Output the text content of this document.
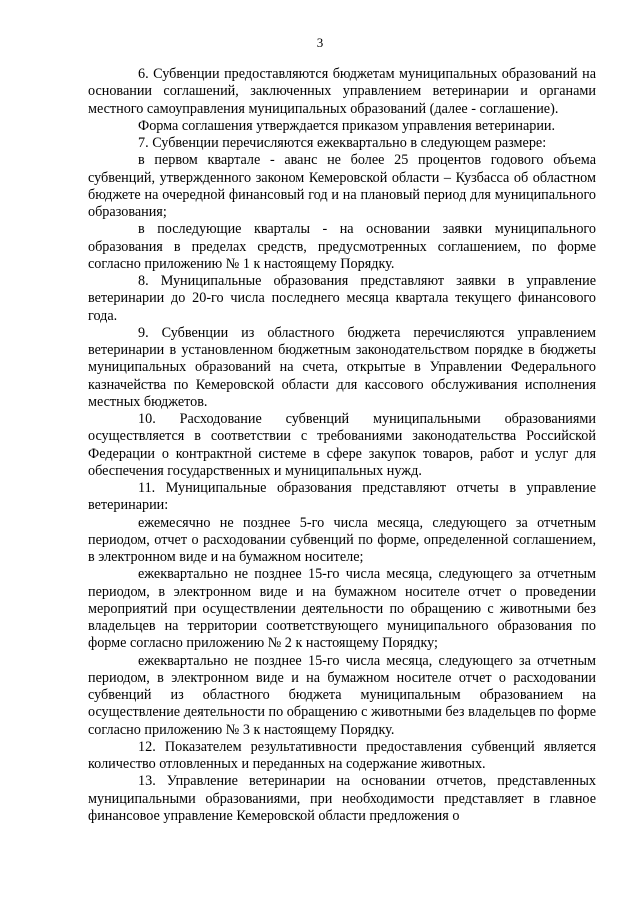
3

6. Субвенции предоставляются бюджетам муниципальных образований на основании соглашений, заключенных управлением ветеринарии и органами местного самоуправления муниципальных образований (далее - соглашение).

Форма соглашения утверждается приказом управления ветеринарии.

7. Субвенции перечисляются ежеквартально в следующем размере:

в первом квартале - аванс не более 25 процентов годового объема субвенций, утвержденного законом Кемеровской области – Кузбасса об областном бюджете на очередной финансовый год и на плановый период для муниципального образования;

в последующие кварталы - на основании заявки муниципального образования в пределах средств, предусмотренных соглашением, по форме согласно приложению № 1 к настоящему Порядку.

8. Муниципальные образования представляют заявки в управление ветеринарии до 20-го числа последнего месяца квартала текущего финансового года.

9. Субвенции из областного бюджета перечисляются управлением ветеринарии в установленном бюджетным законодательством порядке в бюджеты муниципальных образований на счета, открытые в Управлении Федерального казначейства по Кемеровской области для кассового обслуживания исполнения местных бюджетов.

10. Расходование субвенций муниципальными образованиями осуществляется в соответствии с требованиями законодательства Российской Федерации о контрактной системе в сфере закупок товаров, работ и услуг для обеспечения государственных и муниципальных нужд.

11. Муниципальные образования представляют отчеты в управление ветеринарии:

ежемесячно не позднее 5-го числа месяца, следующего за отчетным периодом, отчет о расходовании субвенций по форме, определенной соглашением, в электронном виде и на бумажном носителе;

ежеквартально не позднее 15-го числа месяца, следующего за отчетным периодом, в электронном виде и на бумажном носителе отчет о проведении мероприятий при осуществлении деятельности по обращению с животными без владельцев на территории соответствующего муниципального образования по форме согласно приложению № 2 к настоящему Порядку;

ежеквартально не позднее 15-го числа месяца, следующего за отчетным периодом, в электронном виде и на бумажном носителе отчет о расходовании субвенций из областного бюджета муниципальным образованием на осуществление деятельности по обращению с животными без владельцев по форме согласно приложению № 3 к настоящему Порядку.

12. Показателем результативности предоставления субвенций является количество отловленных и переданных на содержание животных.

13. Управление ветеринарии на основании отчетов, представленных муниципальными образованиями, при необходимости представляет в главное финансовое управление Кемеровской области предложения о
